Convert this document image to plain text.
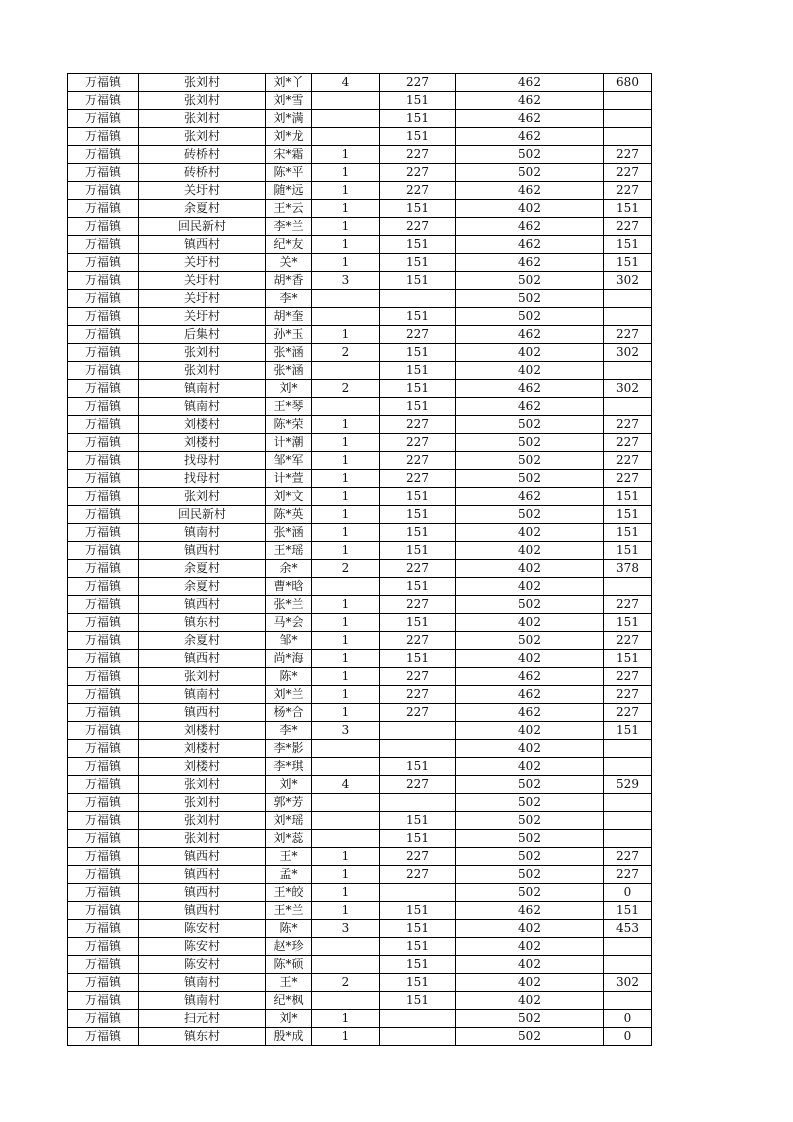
万福镇	张刘村	刘*丫	4	227	462	680
万福镇	张刘村	刘*雪		151	462	
万福镇	张刘村	刘*满		151	462	
万福镇	张刘村	刘*龙		151	462	
万福镇	砖桥村	宋*霜	1	227	502	227
万福镇	砖桥村	陈*平	1	227	502	227
万福镇	关圩村	随*远	1	227	462	227
万福镇	余夏村	王*云	1	151	402	151
万福镇	回民新村	李*兰	1	227	462	227
万福镇	镇西村	纪*友	1	151	462	151
万福镇	关圩村	关*	1	151	462	151
万福镇	关圩村	胡*香	3	151	502	302
万福镇	关圩村	李*			502	
万福镇	关圩村	胡*奎		151	502	
万福镇	后集村	孙*玉	1	227	462	227
万福镇	张刘村	张*涵	2	151	402	302
万福镇	张刘村	张*涵		151	402	
万福镇	镇南村	刘*	2	151	462	302
万福镇	镇南村	王*琴		151	462	
万福镇	刘楼村	陈*荣	1	227	502	227
万福镇	刘楼村	计*潮	1	227	502	227
万福镇	找母村	邹*军	1	227	502	227
万福镇	找母村	计*萱	1	227	502	227
万福镇	张刘村	刘*文	1	151	462	151
万福镇	回民新村	陈*英	1	151	502	151
万福镇	镇南村	张*涵	1	151	402	151
万福镇	镇西村	王*瑶	1	151	402	151
万福镇	余夏村	余*	2	227	402	378
万福镇	余夏村	曹*晗		151	402	
万福镇	镇西村	张*兰	1	227	502	227
万福镇	镇东村	马*会	1	151	402	151
万福镇	余夏村	邹*	1	227	502	227
万福镇	镇西村	尚*海	1	151	402	151
万福镇	张刘村	陈*	1	227	462	227
万福镇	镇南村	刘*兰	1	227	462	227
万福镇	镇西村	杨*合	1	227	462	227
万福镇	刘楼村	李*	3		402	151
万福镇	刘楼村	李*影			402	
万福镇	刘楼村	李*琪		151	402	
万福镇	张刘村	刘*	4	227	502	529
万福镇	张刘村	郭*芳			502	
万福镇	张刘村	刘*瑶		151	502	
万福镇	张刘村	刘*蕊		151	502	
万福镇	镇西村	王*	1	227	502	227
万福镇	镇西村	孟*	1	227	502	227
万福镇	镇西村	王*皎	1		502	0
万福镇	镇西村	王*兰	1	151	462	151
万福镇	陈安村	陈*	3	151	402	453
万福镇	陈安村	赵*珍		151	402	
万福镇	陈安村	陈*硕		151	402	
万福镇	镇南村	王*	2	151	402	302
万福镇	镇南村	纪*枫		151	402	
万福镇	扫元村	刘*	1		502	0
万福镇	镇东村	殷*成	1		502	0
